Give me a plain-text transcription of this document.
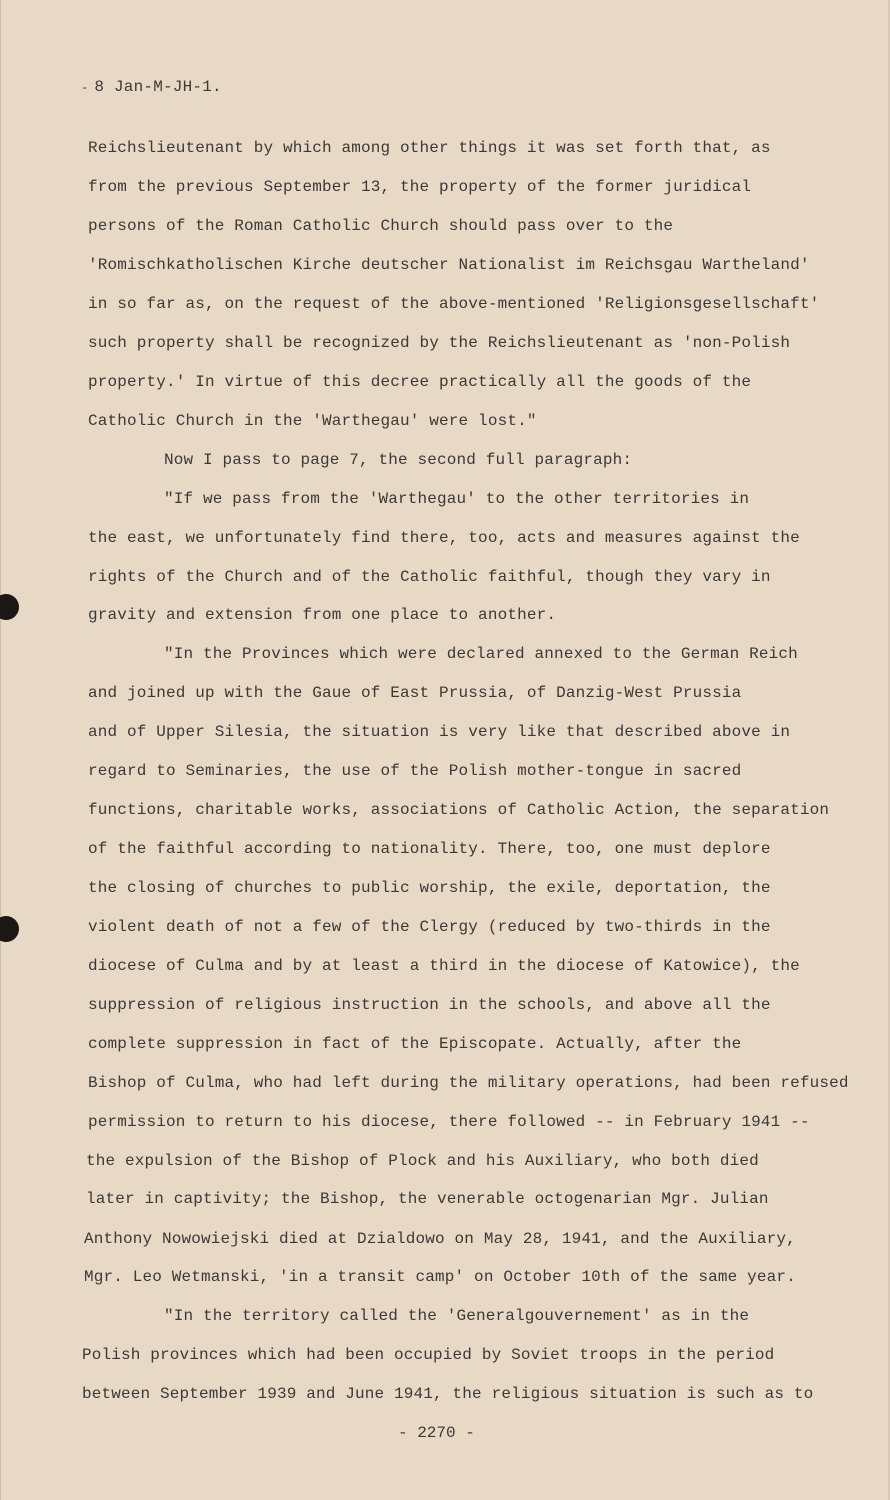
- 8 Jan-M-JH-1.
Reichslieutenant by which among other things it was set forth that, as
from the previous September 13, the property of the former juridical
persons of the Roman Catholic Church should pass over to the
'Romischkatholischen Kirche deutscher Nationalist im Reichsgau Wartheland'
in so far as, on the request of the above-mentioned 'Religionsgesellschaft'
such property shall be recognized by the Reichslieutenant as 'non-Polish
property.' In virtue of this decree practically all the goods of the
Catholic Church in the 'Warthegau' were lost."
Now I pass to page 7, the second full paragraph:
"If we pass from the 'Warthegau' to the other territories in
the east, we unfortunately find there, too, acts and measures against the
rights of the Church and of the Catholic faithful, though they vary in
gravity and extension from one place to another.
"In the Provinces which were declared annexed to the German Reich
and joined up with the Gaue of East Prussia, of Danzig-West Prussia
and of Upper Silesia, the situation is very like that described above in
regard to Seminaries, the use of the Polish mother-tongue in sacred
functions, charitable works, associations of Catholic Action, the separation
of the faithful according to nationality. There, too, one must deplore
the closing of churches to public worship, the exile, deportation, the
violent death of not a few of the Clergy (reduced by two-thirds in the
diocese of Culma and by at least a third in the diocese of Katowice), the
suppression of religious instruction in the schools, and above all the
complete suppression in fact of the Episcopate. Actually, after the
Bishop of Culma, who had left during the military operations, had been refused
permission to return to his diocese, there followed -- in February 1941 --
the expulsion of the Bishop of Plock and his Auxiliary, who both died
later in captivity; the Bishop, the venerable octogenarian Mgr. Julian
Anthony Nowowiejski died at Dzialdowo on May 28, 1941, and the Auxiliary,
Mgr. Leo Wetmanski, 'in a transit camp' on October 10th of the same year.
"In the territory called the 'Generalgouvernement' as in the
Polish provinces which had been occupied by Soviet troops in the period
between September 1939 and June 1941, the religious situation is such as to
- 2270 -
